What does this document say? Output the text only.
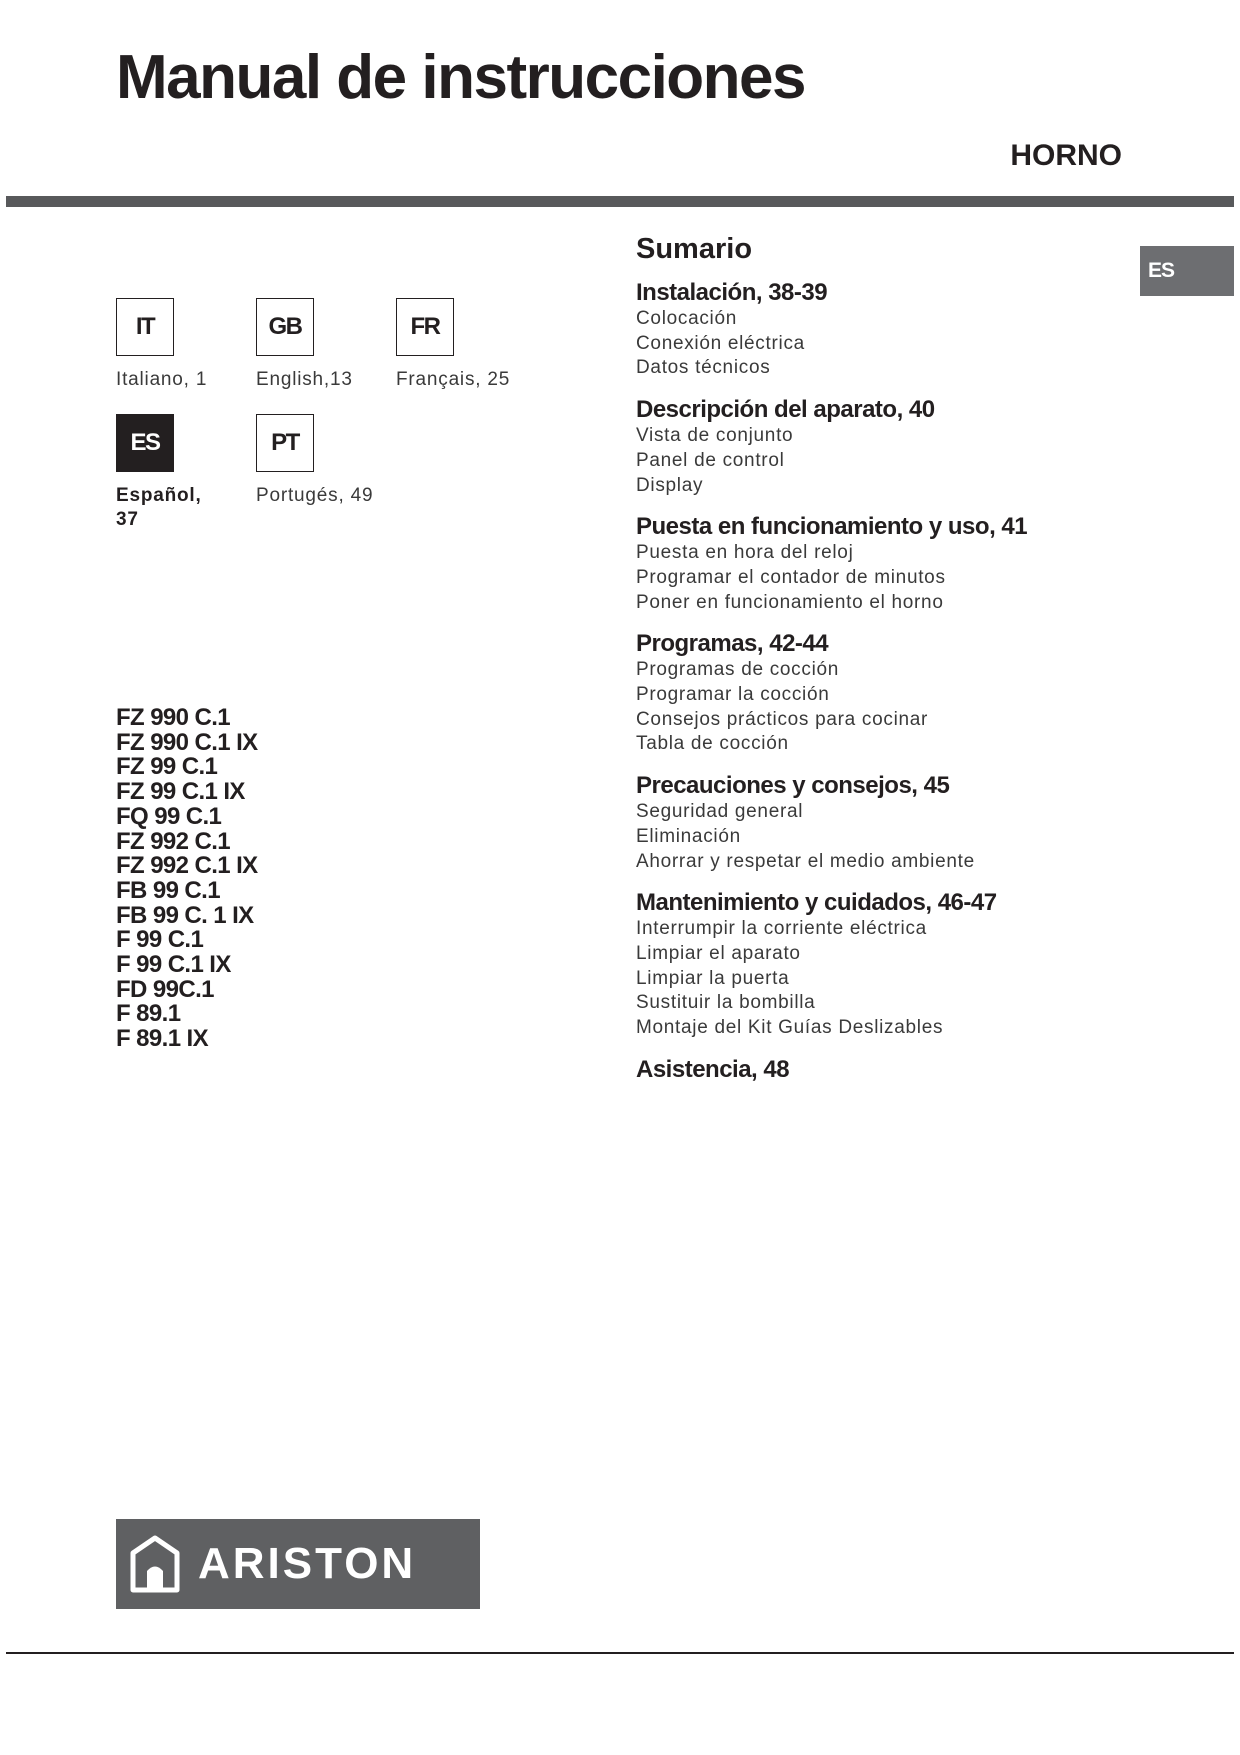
Manual de instrucciones
HORNO
ES
IT
Italiano, 1
GB
English,13
FR
Français, 25
ES
Español,
37
PT
Portugés, 49
FZ 990 C.1
FZ 990 C.1 IX
FZ 99 C.1
FZ 99 C.1 IX
FQ 99 C.1
FZ 992 C.1
FZ 992 C.1 IX
FB 99 C.1
FB 99 C. 1 IX
F 99 C.1
F 99 C.1 IX
FD 99C.1
F 89.1
F 89.1 IX
Sumario
Instalación, 38-39
Colocación
Conexión eléctrica
Datos técnicos
Descripción del aparato, 40
Vista de conjunto
Panel de control
Display
Puesta en funcionamiento y uso, 41
Puesta en hora del reloj
Programar el contador de minutos
Poner en funcionamiento el horno
Programas, 42-44
Programas de cocción
Programar la cocción
Consejos prácticos para cocinar
Tabla de cocción
Precauciones y consejos, 45
Seguridad general
Eliminación
Ahorrar y respetar el medio ambiente
Mantenimiento y cuidados, 46-47
Interrumpir la corriente eléctrica
Limpiar el aparato
Limpiar la puerta
Sustituir la bombilla
Montaje del Kit Guías Deslizables
Asistencia, 48
ARISTON
